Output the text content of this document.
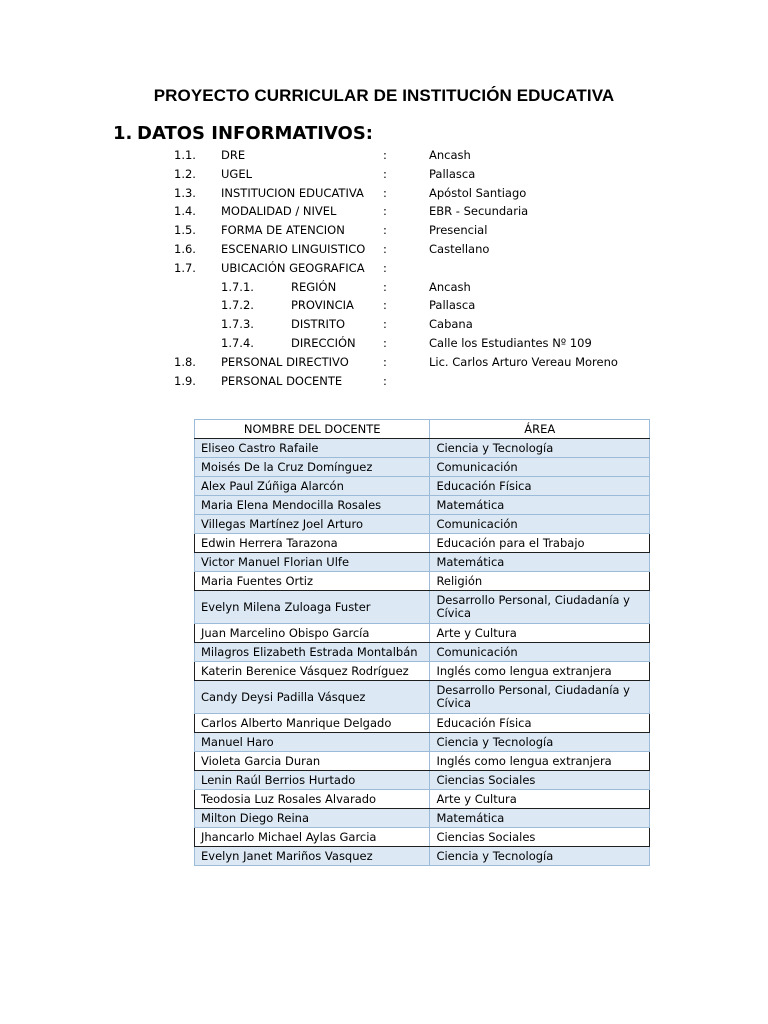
PROYECTO CURRICULAR DE INSTITUCIÓN EDUCATIVA
1. DATOS INFORMATIVOS:
1.1. DRE	:	Ancash
1.2. UGEL	:	Pallasca
1.3. INSTITUCION EDUCATIVA :	Apóstol Santiago
1.4. MODALIDAD / NIVEL	:	EBR - Secundaria
1.5. FORMA DE ATENCION	:	Presencial
1.6. ESCENARIO LINGUISTICO :	Castellano
1.7. UBICACIÓN GEOGRAFICA :
1.7.1.	REGIÓN	:	Ancash
1.7.2.	PROVINCIA	:	Pallasca
1.7.3.	DISTRITO	:	Cabana
1.7.4.	DIRECCIÓN :	Calle los Estudiantes Nº 109
1.8. PERSONAL DIRECTIVO	:	Lic. Carlos Arturo Vereau Moreno
1.9. PERSONAL DOCENTE	:
NOMBRE DEL DOCENTE	ÁREA
Eliseo Castro Rafaile	Ciencia y Tecnología
Moisés De la Cruz Domínguez	Comunicación
Alex Paul Zúñiga Alarcón	Educación Física
Maria Elena Mendocilla Rosales	Matemática
Villegas Martínez Joel Arturo	Comunicación
Edwin Herrera Tarazona	Educación para el Trabajo
Victor Manuel Florian Ulfe	Matemática
Maria Fuentes Ortiz	Religión
Evelyn Milena Zuloaga Fuster	Desarrollo Personal, Ciudadanía y Cívica
Juan Marcelino Obispo García	Arte y Cultura
Milagros Elizabeth Estrada Montalbán	Comunicación
Katerin Berenice Vásquez Rodríguez	Inglés como lengua extranjera
Candy Deysi Padilla Vásquez	Desarrollo Personal, Ciudadanía y Cívica
Carlos Alberto Manrique Delgado	Educación Física
Manuel Haro	Ciencia y Tecnología
Violeta Garcia Duran	Inglés como lengua extranjera
Lenin Raúl Berrios Hurtado	Ciencias Sociales
Teodosia Luz Rosales Alvarado	Arte y Cultura
Milton Diego Reina	Matemática
Jhancarlo Michael Aylas Garcia	Ciencias Sociales
Evelyn Janet Mariños Vasquez	Ciencia y Tecnología
